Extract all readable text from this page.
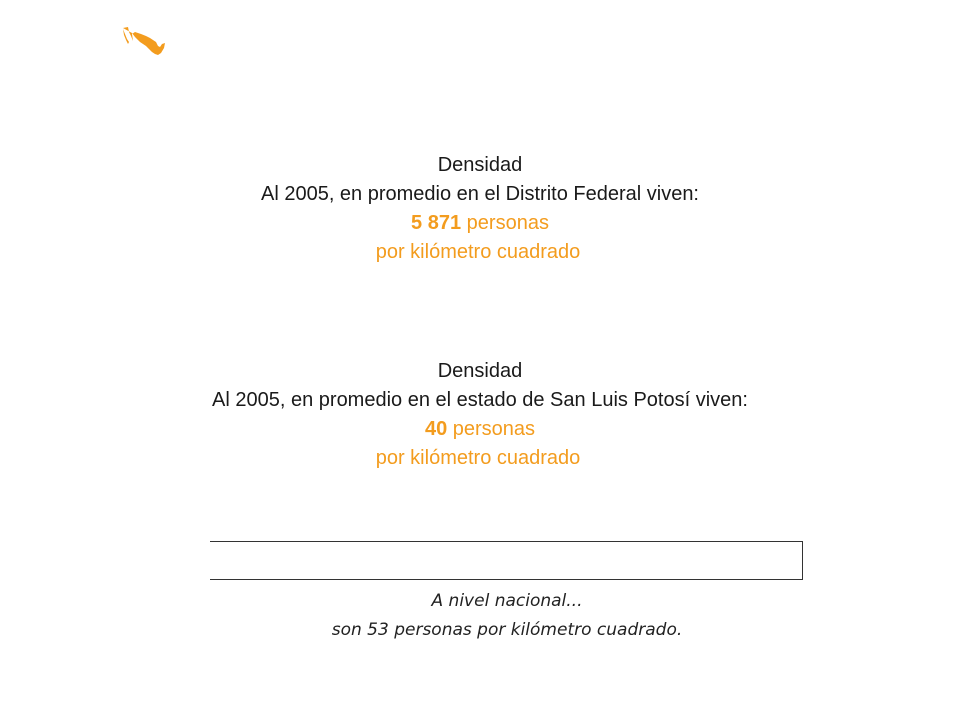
Densidad
Al 2005, en promedio en el Distrito Federal viven:
5 871 personas
por kilómetro cuadrado
Densidad
Al 2005, en promedio en el estado de San Luis Potosí viven:
40 personas
por kilómetro cuadrado
A nivel nacional...
son 53 personas por kilómetro cuadrado.
